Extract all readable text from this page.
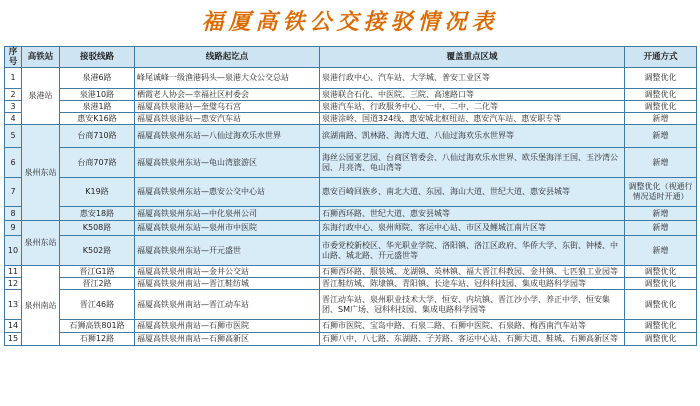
福厦高铁公交接驳情况表
序号	高铁站	接驳线路	线路起讫点	覆盖重点区域	开通方式
1	泉港站	泉港6路	峰尾诚峰一级渔港码头—泉港大众公交总站	泉港行政中心、汽车站、大学城、普安工业区等	调整优化
2		泉港10路	栖霞老人协会—幸福社区村委会	泉港联合石化、中医院、三院、高速路口等	调整优化
3		泉港1路	福厦高铁泉港站—奎璧乌石宫	泉港汽车站、行政服务中心、一中、二中、二化等	调整优化
4		惠安K16路	福厦高铁泉港站—惠安汽车站	泉港涂岭、国道324线、惠安城北枢纽站、惠安汽车站、惠安职专等	新增
5	泉州东站	台商710路	福厦高铁泉州东站—八仙过海欢乐水世界	滨湖南路、凯林路、海湾大道、八仙过海欢乐水世界等	新增
6		台商707路	福厦高铁泉州东站—龟山湾旅游区	海丝公园亚艺园、台商区管委会、八仙过海欢乐水世界、欧乐堡海洋王国、玉沙湾公园、月亮湾、龟山湾等	新增
7		K19路	福厦高铁泉州东站—惠安公交中心站	惠安百崎回族乡、南北大道、东园、海山大道、世纪大道、惠安县城等	调整优化（视通行情况适时开通）
8		惠安18路	福厦高铁泉州东站—中化泉州公司	石狮西环路、世纪大道、惠安县城等	新增
9	泉州东站	K508路	福厦高铁泉州东站—泉州市中医院	东海行政中心、泉州师院、客运中心站、市区及鲤城江南片区等	新增
10		K502路	福厦高铁泉州东站—开元盛世	市委党校新校区、华光职业学院、洛阳镇、洛江区政府、华侨大学、东街、钟楼、中山路、城北路、开元盛世等	新增
11	泉州南站	晋江G1路	福厦高铁泉州南站—金井公交站	石狮西环路、服装城、龙湖镇、英林镇、福大晋江科教园、金井镇、七匹狼工业园等	调整优化
12		晋江2路	福厦高铁泉州南站—晋江鞋纺城	晋江鞋纺城、陈埭镇、青阳镇、长途车站、冠科科技园、集成电路科学园等	调整优化
13		晋江46路	福厦高铁泉州南站—晋江动车站	晋江动车站、泉州职业技术大学、恒安、内坑镇、晋江沙小学、养正中学、恒安集团、SM广场、冠科科技园、集成电路科学园等	调整优化
14		石狮高铁801路	福厦高铁泉州南站—石狮市医院	石狮市医院、宝岛中路、石泉二路、石狮中医院、石泉路、梅西南汽车站等	调整优化
15		石狮12路	福厦高铁泉州南站—石狮高新区	石狮八中、八七路、东湖路、子芳路、客运中心站、石狮大道、鞋城、石狮高新区等	调整优化
